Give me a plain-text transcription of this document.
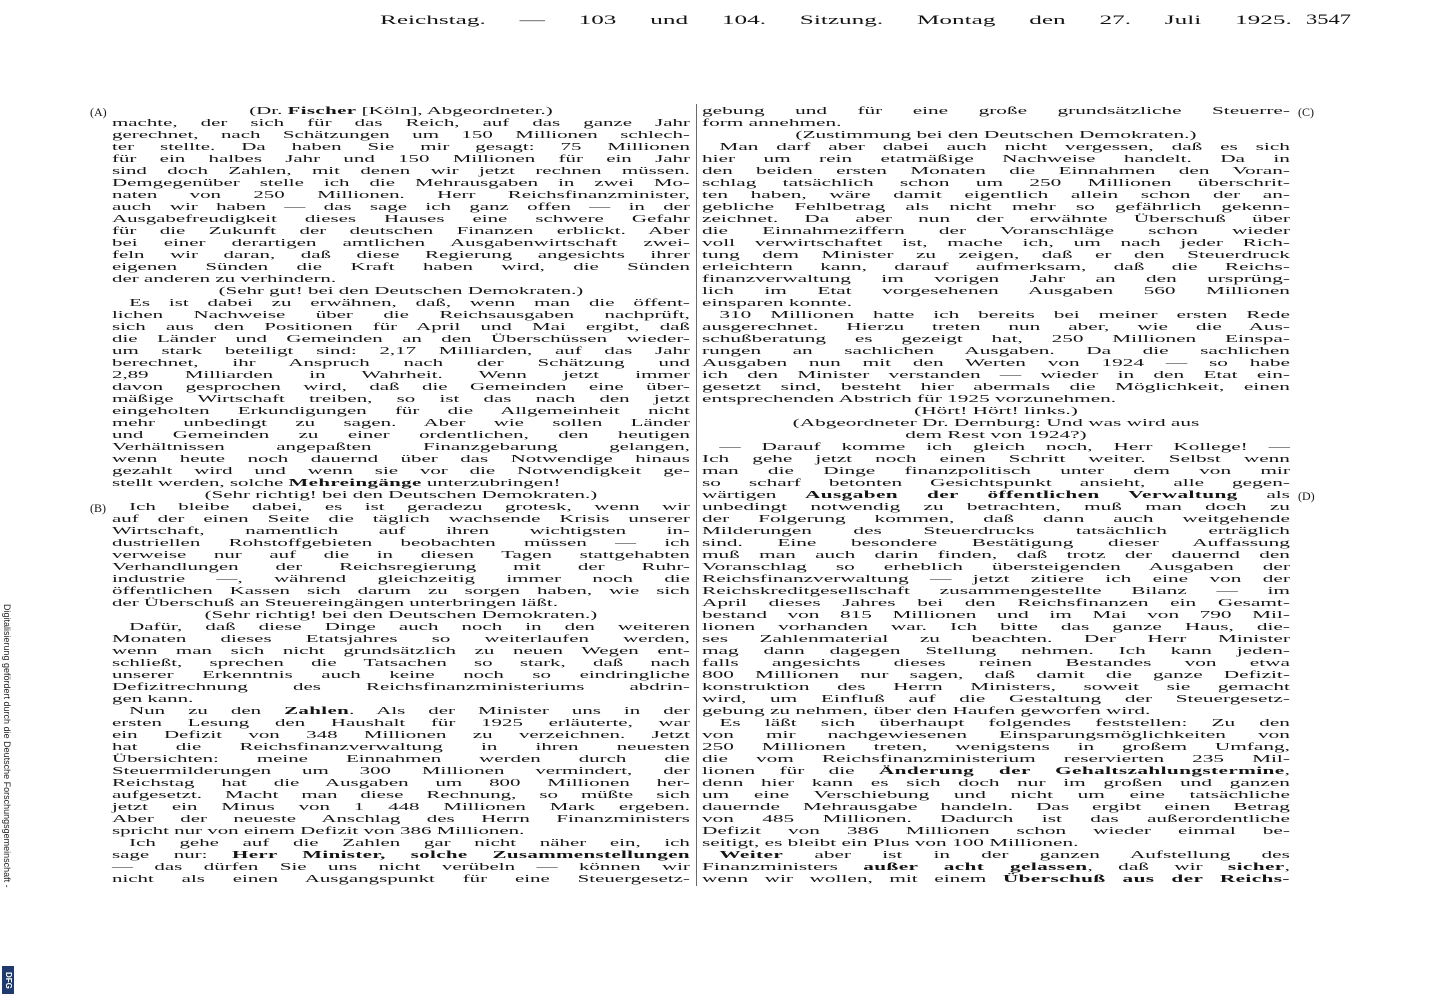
Reichstag. — 103 und 104. Sitzung. Montag den 27. Juli 1925. 3547
(A)
(B)
(C)
(D)
(Dr. Fischer [Köln], Abgeordneter.)
machte, der sich für das Reich, auf das ganze Jahr
gerechnet, nach Schätzungen um 150 Millionen schlech-
ter stellte. Da haben Sie mir gesagt: 75 Millionen
für ein halbes Jahr und 150 Millionen für ein Jahr
sind doch Zahlen, mit denen wir jetzt rechnen müssen.
Demgegenüber stelle ich die Mehrausgaben in zwei Mo-
naten von 250 Millionen. Herr Reichsfinanzminister,
auch wir haben — das sage ich ganz offen — in der
Ausgabefreudigkeit dieses Hauses eine schwere Gefahr
für die Zukunft der deutschen Finanzen erblickt. Aber
bei einer derartigen amtlichen Ausgabenwirtschaft zwei-
feln wir daran, daß diese Regierung angesichts ihrer
eigenen Sünden die Kraft haben wird, die Sünden
der anderen zu verhindern.
(Sehr gut! bei den Deutschen Demokraten.)
Es ist dabei zu erwähnen, daß, wenn man die öffent-
lichen Nachweise über die Reichsausgaben nachprüft,
sich aus den Positionen für April und Mai ergibt, daß
die Länder und Gemeinden an den Überschüssen wieder-
um stark beteiligt sind: 2,17 Milliarden, auf das Jahr
berechnet, ihr Anspruch nach der Schätzung und
2,89 Milliarden in Wahrheit. Wenn jetzt immer
davon gesprochen wird, daß die Gemeinden eine über-
mäßige Wirtschaft treiben, so ist das nach den jetzt
eingeholten Erkundigungen für die Allgemeinheit nicht
mehr unbedingt zu sagen. Aber wie sollen Länder
und Gemeinden zu einer ordentlichen, den heutigen
Verhältnissen angepaßten Finanzgebarung gelangen,
wenn heute noch dauernd über das Notwendige hinaus
gezahlt wird und wenn sie vor die Notwendigkeit ge-
stellt werden, solche Mehreingänge unterzubringen!
(Sehr richtig! bei den Deutschen Demokraten.)
Ich bleibe dabei, es ist geradezu grotesk, wenn wir
auf der einen Seite die täglich wachsende Krisis unserer
Wirtschaft, namentlich auf ihren wichtigsten in-
dustriellen Rohstoffgebieten beobachten müssen — ich
verweise nur auf die in diesen Tagen stattgehabten
Verhandlungen der Reichsregierung mit der Ruhr-
industrie —, während gleichzeitig immer noch die
öffentlichen Kassen sich darum zu sorgen haben, wie sich
der Überschuß an Steuereingängen unterbringen läßt.
(Sehr richtig! bei den Deutschen Demokraten.)
Dafür, daß diese Dinge auch noch in den weiteren
Monaten dieses Etatsjahres so weiterlaufen werden,
wenn man sich nicht grundsätzlich zu neuen Wegen ent-
schließt, sprechen die Tatsachen so stark, daß nach
unserer Erkenntnis auch keine noch so eindringliche
Defizitrechnung des Reichsfinanzministeriums abdrin-
gen kann.
Nun zu den Zahlen. Als der Minister uns in der
ersten Lesung den Haushalt für 1925 erläuterte, war
ein Defizit von 348 Millionen zu verzeichnen. Jetzt
hat die Reichsfinanzverwaltung in ihren neuesten
Übersichten: meine Einnahmen werden durch die
Steuermilderungen um 300 Millionen vermindert, der
Reichstag hat die Ausgaben um 800 Millionen her-
aufgesetzt. Macht man diese Rechnung, so müßte sich
jetzt ein Minus von 1 448 Millionen Mark ergeben.
Aber der neueste Anschlag des Herrn Finanzministers
spricht nur von einem Defizit von 386 Millionen.
Ich gehe auf die Zahlen gar nicht näher ein, ich
sage nur: Herr Minister, solche Zusammenstellungen
— das dürfen Sie uns nicht verübeln — können wir
nicht als einen Ausgangspunkt für eine Steuergesetz-
gebung und für eine große grundsätzliche Steuerre-
form annehmen.
(Zustimmung bei den Deutschen Demokraten.)
Man darf aber dabei auch nicht vergessen, daß es sich
hier um rein etatmäßige Nachweise handelt. Da in
den beiden ersten Monaten die Einnahmen den Voran-
schlag tatsächlich schon um 250 Millionen überschrit-
ten haben, wäre damit eigentlich allein schon der an-
gebliche Fehlbetrag als nicht mehr so gefährlich gekenn-
zeichnet. Da aber nun der erwähnte Überschuß über
die Einnahmeziffern der Voranschläge schon wieder
voll verwirtschaftet ist, mache ich, um nach jeder Rich-
tung dem Minister zu zeigen, daß er den Steuerdruck
erleichtern kann, darauf aufmerksam, daß die Reichs-
finanzverwaltung im vorigen Jahr an den ursprüng-
lich im Etat vorgesehenen Ausgaben 560 Millionen
einsparen konnte.
310 Millionen hatte ich bereits bei meiner ersten Rede
ausgerechnet. Hierzu treten nun aber, wie die Aus-
schußberatung es gezeigt hat, 250 Millionen Einspa-
rungen an sachlichen Ausgaben. Da die sachlichen
Ausgaben nun mit den Werten von 1924 — so habe
ich den Minister verstanden — wieder in den Etat ein-
gesetzt sind, besteht hier abermals die Möglichkeit, einen
entsprechenden Abstrich für 1925 vorzunehmen.
(Hört! Hört! links.)
(Abgeordneter Dr. Dernburg: Und was wird aus
dem Rest von 1924?)
— Darauf komme ich gleich noch, Herr Kollege! —
Ich gehe jetzt noch einen Schritt weiter. Selbst wenn
man die Dinge finanzpolitisch unter dem von mir
so scharf betonten Gesichtspunkt ansieht, alle gegen-
wärtigen Ausgaben der öffentlichen Verwaltung als
unbedingt notwendig zu betrachten, muß man doch zu
der Folgerung kommen, daß dann auch weitgehende
Milderungen des Steuerdrucks tatsächlich erträglich
sind. Eine besondere Bestätigung dieser Auffassung
muß man auch darin finden, daß trotz der dauernd den
Voranschlag so erheblich übersteigenden Ausgaben der
Reichsfinanzverwaltung — jetzt zitiere ich eine von der
Reichskreditgesellschaft zusammengestellte Bilanz — im
April dieses Jahres bei den Reichsfinanzen ein Gesamt-
bestand von 815 Millionen und im Mai von 790 Mil-
lionen vorhanden war. Ich bitte das ganze Haus, die-
ses Zahlenmaterial zu beachten. Der Herr Minister
mag dann dagegen Stellung nehmen. Ich kann jeden-
falls angesichts dieses reinen Bestandes von etwa
800 Millionen nur sagen, daß damit die ganze Defizit-
konstruktion des Herrn Ministers, soweit sie gemacht
wird, um Einfluß auf die Gestaltung der Steuergesetz-
gebung zu nehmen, über den Haufen geworfen wird.
Es läßt sich überhaupt folgendes feststellen: Zu den
von mir nachgewiesenen Einsparungsmöglichkeiten von
250 Millionen treten, wenigstens in großem Umfang,
die vom Reichsfinanzministerium reservierten 235 Mil-
lionen für die Änderung der Gehaltszahlungstermine,
denn hier kann es sich doch nur im großen und ganzen
um eine Verschiebung und nicht um eine tatsächliche
dauernde Mehrausgabe handeln. Das ergibt einen Betrag
von 485 Millionen. Dadurch ist das außerordentliche
Defizit von 386 Millionen schon wieder einmal be-
seitigt, es bleibt ein Plus von 100 Millionen.
Weiter aber ist in der ganzen Aufstellung des
Finanzministers außer acht gelassen, daß wir sicher,
wenn wir wollen, mit einem Überschuß aus der Reichs-
Digitalisierung gefördert durch die Deutsche Forschungsgemeinschaft -
DFG
